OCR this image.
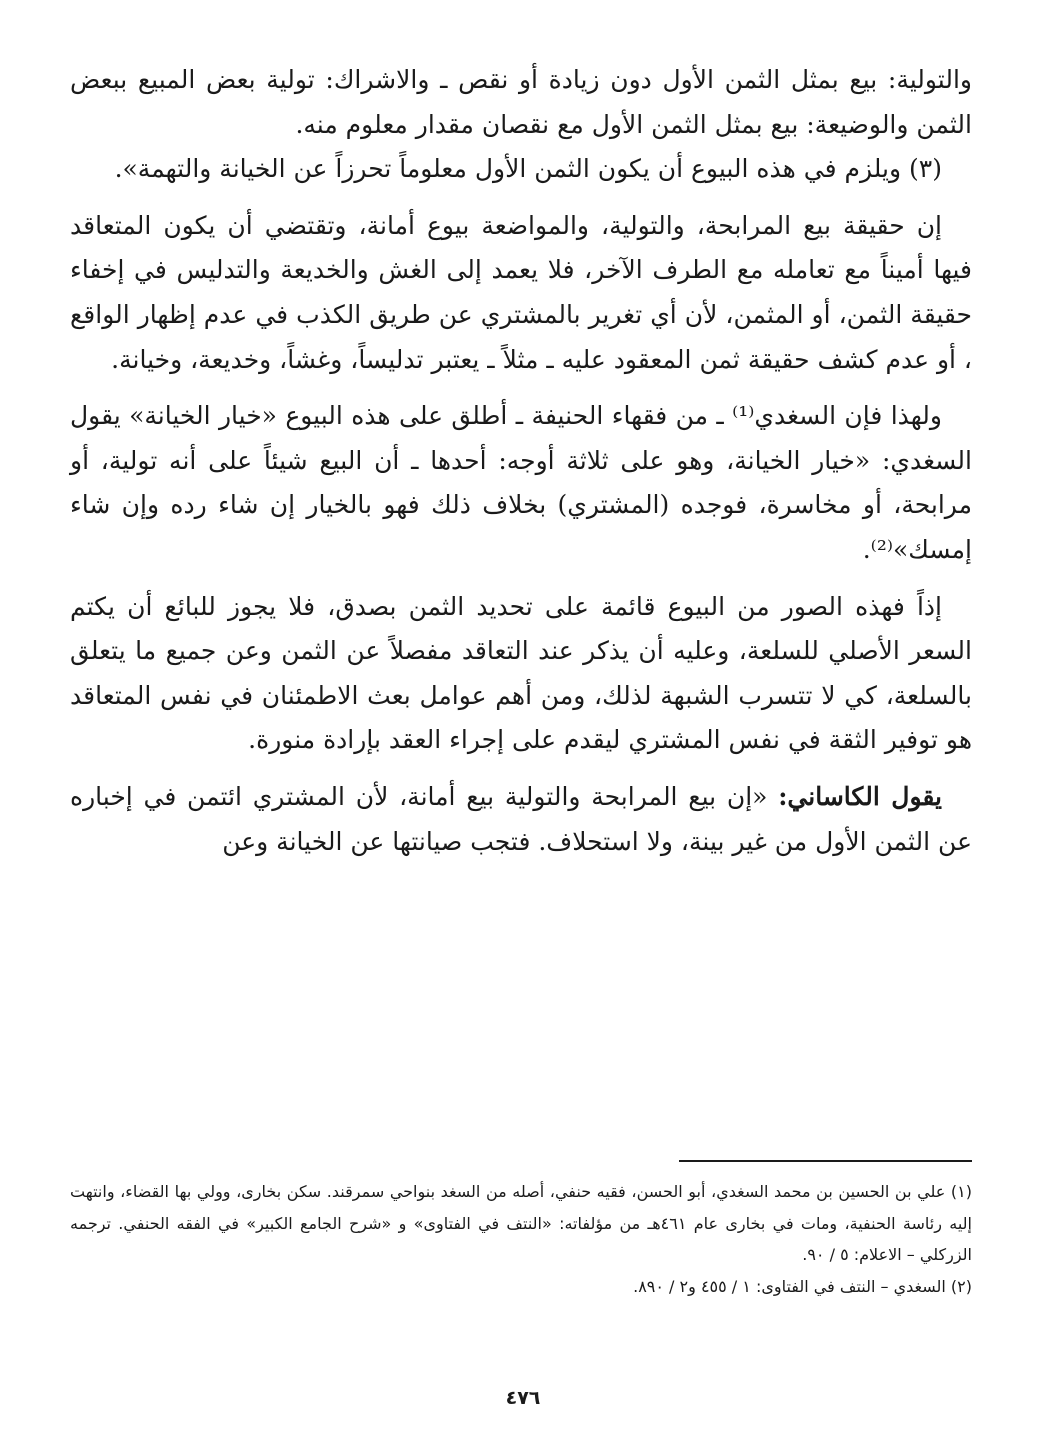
والتولية: بيع بمثل الثمن الأول دون زيادة أو نقص ـ والاشراك: تولية بعض المبيع ببعض الثمن والوضيعة: بيع بمثل الثمن الأول مع نقصان مقدار معلوم منه.

(٣) ويلزم في هذه البيوع أن يكون الثمن الأول معلوماً تحرزاً عن الخيانة والتهمة».

إن حقيقة بيع المرابحة، والتولية، والمواضعة بيوع أمانة، وتقتضي أن يكون المتعاقد فيها أميناً مع تعامله مع الطرف الآخر، فلا يعمد إلى الغش والخديعة والتدليس في إخفاء حقيقة الثمن، أو المثمن، لأن أي تغرير بالمشتري عن طريق الكذب في عدم إظهار الواقع ، أو عدم كشف حقيقة ثمن المعقود عليه ـ مثلاً ـ يعتبر تدليساً، وغشاً، وخديعة، وخيانة.

ولهذا فإن السغدي⁽¹⁾ ـ من فقهاء الحنيفة ـ أطلق على هذه البيوع «خيار الخيانة» يقول السغدي: «خيار الخيانة، وهو على ثلاثة أوجه: أحدها ـ أن البيع شيئاً على أنه تولية، أو مرابحة، أو مخاسرة، فوجده (المشتري) بخلاف ذلك فهو بالخيار إن شاء رده وإن شاء إمسك»⁽²⁾.

إذاً فهذه الصور من البيوع قائمة على تحديد الثمن بصدق، فلا يجوز للبائع أن يكتم السعر الأصلي للسلعة، وعليه أن يذكر عند التعاقد مفصلاً عن الثمن وعن جميع ما يتعلق بالسلعة، كي لا تتسرب الشبهة لذلك، ومن أهم عوامل بعث الاطمئنان في نفس المتعاقد هو توفير الثقة في نفس المشتري ليقدم على إجراء العقد بإرادة منورة.

يقول الكاساني: «إن بيع المرابحة والتولية بيع أمانة، لأن المشتري ائتمن في إخباره عن الثمن الأول من غير بينة، ولا استحلاف. فتجب صيانتها عن الخيانة وعن

(١) علي بن الحسين بن محمد السغدي، أبو الحسن، فقيه حنفي، أصله من السغد بنواحي سمرقند. سكن بخارى، وولي بها القضاء، وانتهت إليه رئاسة الحنفية، ومات في بخارى عام ٤٦١هـ من مؤلفاته: «النتف في الفتاوى» و «شرح الجامع الكبير» في الفقه الحنفي. ترجمه الزركلي – الاعلام: ٥ / ٩٠.

(٢) السغدي – النتف في الفتاوى: ١ / ٤٥٥ و٢ / ٨٩٠.

٤٧٦
